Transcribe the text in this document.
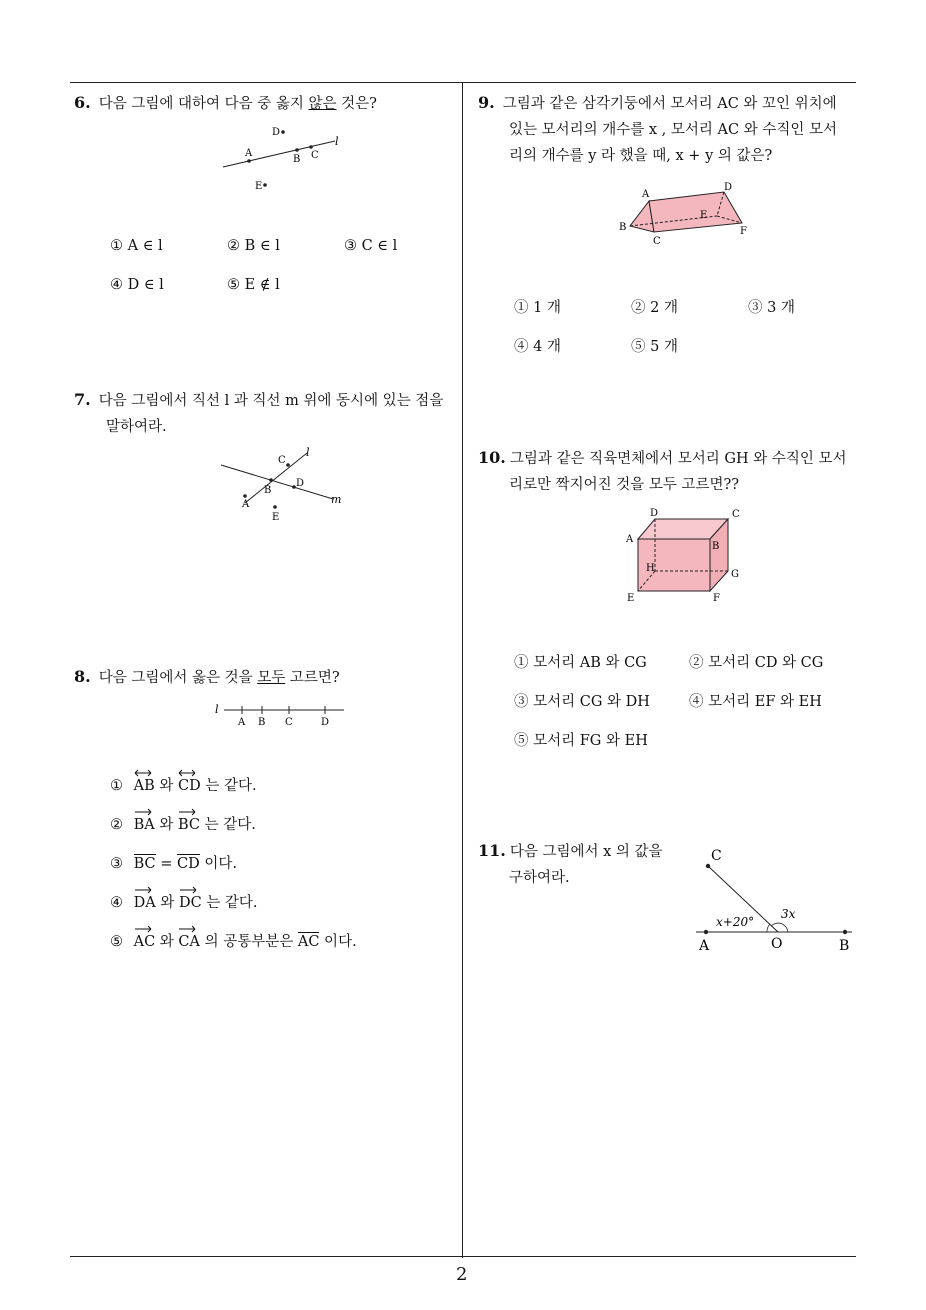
2
6. 다음 그림에 대하여 다음 중 옳지 않은 것은?
A
B C
D
E
l
① A ∈ l	② B ∈ l	③ C ∈ l
④ D ∈ l	⑤ E ∉ l
7. 다음 그림에서 직선 l 과 직선 m 위에 동시에 있는 점을
말하여라.
A
B
C
D
E
l
m
8. 다음 그림에서 옳은 것을 모두 고르면?
l
A B C	D
① AB 와
CD 는 같다.
② BA 와
BC 는 같다.
③ BC = CD 이다.
④ DA 와
DC 는 같다.
⑤ AC 와
CA 의 공통부분은 AC 이다.
9. 그림과 같은 삼각기둥에서 모서리 AC 와 꼬인 위치에
있는 모서리의 개수를 x , 모서리 AC 와 수직인 모서
리의 개수를 y 라 했을 때, x + y 의 값은?
A
B
C
D
E
F
① 1 개	② 2 개	③ 3 개
④ 4 개	⑤ 5 개
10. 그림과 같은 직육면체에서 모서리 GH 와 수직인 모서
리로만 짝지어진 것을 모두 고르면??
A
B
C
D
E	F
G
H
① 모서리 AB 와 CG	② 모서리 CD 와 CG
③ 모서리 CG 와 DH	④ 모서리 EF 와 EH
⑤ 모서리 FG 와 EH
11. 다음 그림에서 x 의 값을
구하여라.
C
A	O	B
x+20°
3x
